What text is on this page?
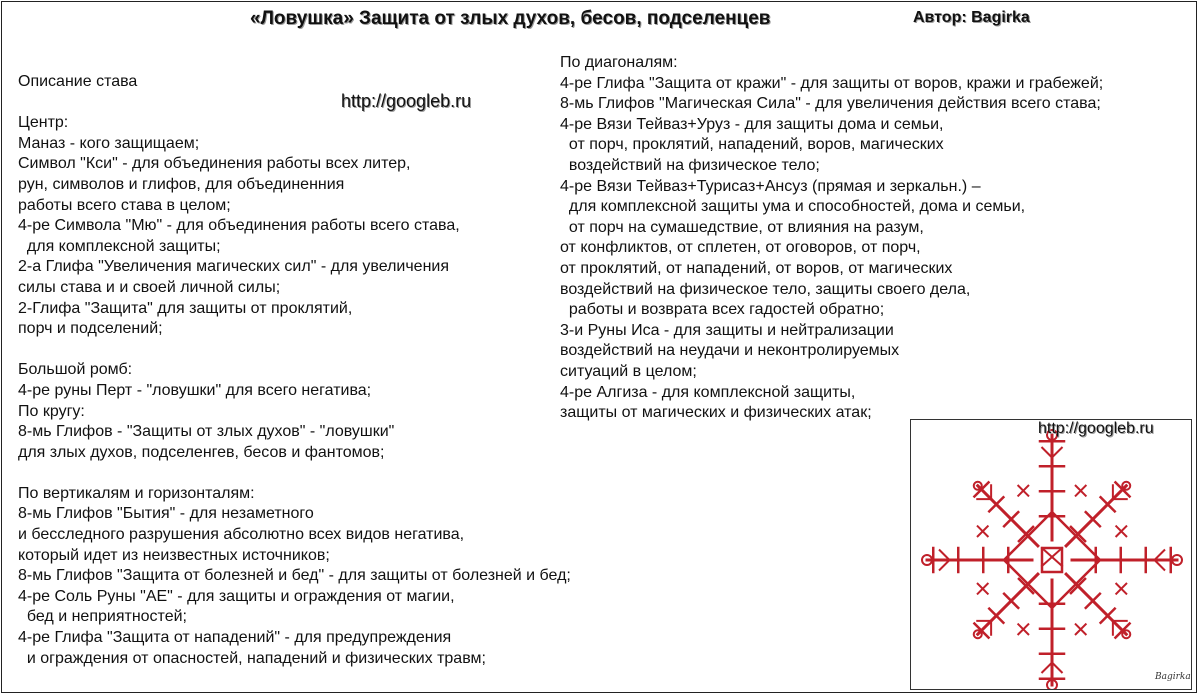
«Ловушка» Защита от злых духов, бесов, подселенцев	Автор: Bagirka
http://googleb.ru
Описание става
Центр:
Маназ - кого защищаем;
Символ "Кси" - для объединения работы всех литер,
рун, символов и глифов, для объединенния
работы всего става в целом;
4-ре Символа "Мю" - для объединения работы всего става,
для комплексной защиты;
2-а Глифа "Увеличения магических сил" - для увеличения
силы става и и своей личной силы;
2-Глифа "Защита" для защиты от проклятий,
порч и подселений;
Большой ромб:
4-ре руны Перт - "ловушки" для всего негатива;
По кругу:
8-мь Глифов - "Защиты от злых духов" - "ловушки"
для злых духов, подселенгев, бесов и фантомов;
По вертикалям и горизонталям:
8-мь Глифов "Бытия" - для незаметного
и бесследного разрушения абсолютно всех видов негатива,
который идет из неизвестных источников;
8-мь Глифов "Защита от болезней и бед" - для защиты от болезней и бед;
4-ре Соль Руны "АЕ" - для защиты и ограждения от магии,
бед и неприятностей;
4-ре Глифа "Защита от нападений" - для предупреждения
и ограждения от опасностей, нападений и физических травм;
По диагоналям:
4-ре Глифа "Защита от кражи" - для защиты от воров, кражи и грабежей;
8-мь Глифов "Магическая Сила" - для увеличения действия всего става;
4-ре Вязи Тейваз+Уруз - для защиты дома и семьи,
от порч, проклятий, нападений, воров, магических
воздействий на физическое тело;
4-ре Вязи Тейваз+Турисаз+Ансуз (прямая и зеркальн.) –
для комплексной защиты ума и способностей, дома и семьи,
от порч на сумашедствие, от влияния на разум,
от конфликтов, от сплетен, от оговоров, от порч,
от проклятий, от нападений, от воров, от магических
воздействий на физическое тело, защиты своего дела,
работы и возврата всех гадостей обратно;
3-и Руны Иса - для защиты и нейтрализации
воздействий на неудачи и неконтролируемых
ситуаций в целом;
4-ре Алгиза - для комплексной защиты,
защиты от магических и физических атак;
http://googleb.ru
Bagirka
